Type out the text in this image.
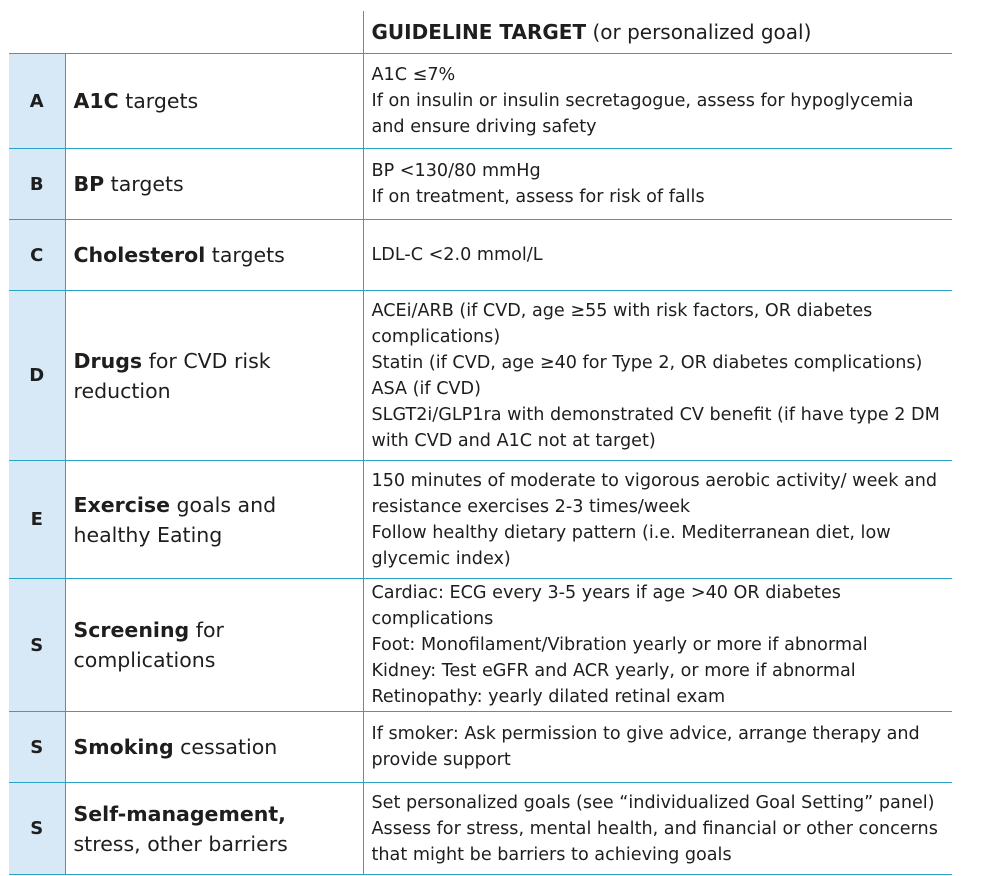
		GUIDELINE TARGET (or personalized goal)
A	A1C targets	A1C ≤7%
If on insulin or insulin secretagogue, assess for hypoglycemia and ensure driving safety

B	BP targets	BP <130/80 mmHg
If on treatment, assess for risk of falls

C	Cholesterol targets	LDL-C <2.0 mmol/L

D	Drugs for CVD risk reduction	ACEi/ARB (if CVD, age ≥55 with risk factors, OR diabetes complications)
Statin (if CVD, age ≥40 for Type 2, OR diabetes complications)
ASA (if CVD)
SLGT2i/GLP1ra with demonstrated CV benefit (if have type 2 DM with CVD and A1C not at target)

E	Exercise goals and healthy Eating	150 minutes of moderate to vigorous aerobic activity/ week and resistance exercises 2-3 times/week
Follow healthy dietary pattern (i.e. Mediterranean diet, low glycemic index)

S	Screening for complications	Cardiac: ECG every 3-5 years if age >40 OR diabetes complications
Foot: Monofilament/Vibration yearly or more if abnormal
Kidney: Test eGFR and ACR yearly, or more if abnormal
Retinopathy: yearly dilated retinal exam

S	Smoking cessation	If smoker: Ask permission to give advice, arrange therapy and provide support

S	Self-management, stress, other barriers	Set personalized goals (see “individualized Goal Setting” panel)
Assess for stress, mental health, and financial or other concerns that might be barriers to achieving goals
